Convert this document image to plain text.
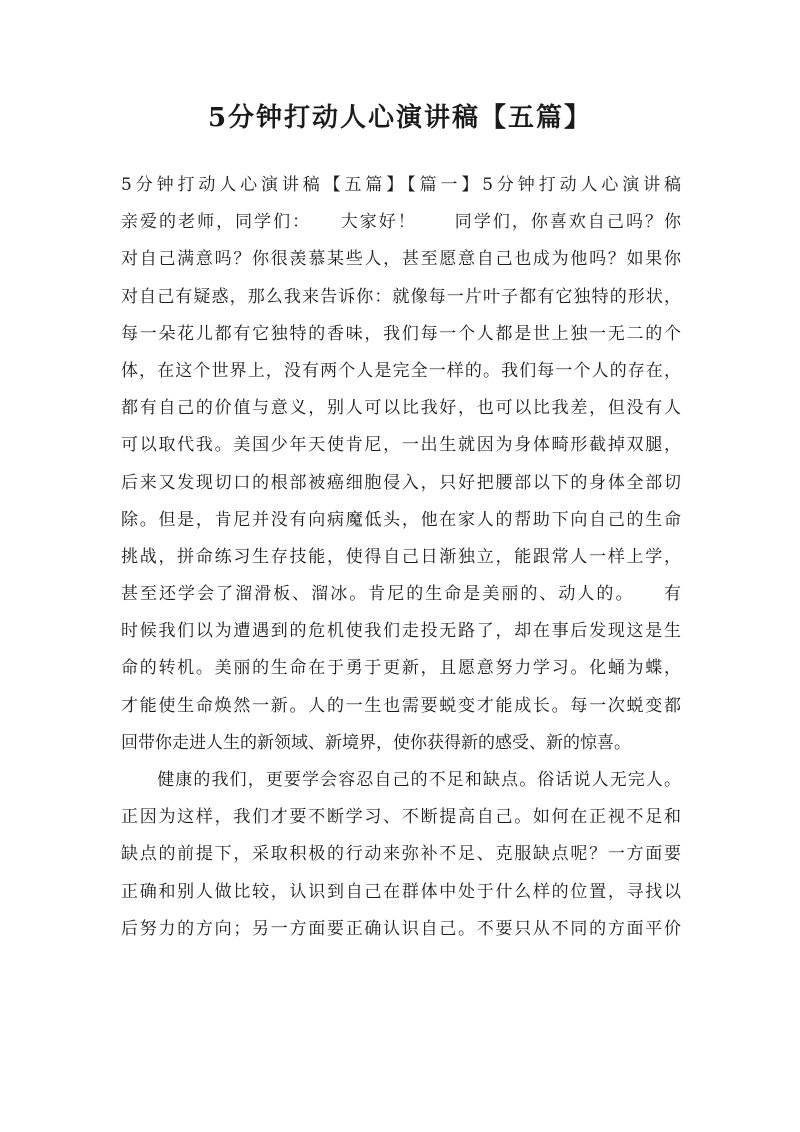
5分钟打动人心演讲稿【五篇】
5分钟打动人心演讲稿【五篇】【篇一】5分钟打动人心演讲稿
亲爱的老师，同学们：　　大家好！　　同学们，你喜欢自己吗？你
对自己满意吗？你很羡慕某些人，甚至愿意自己也成为他吗？如果你
对自己有疑惑，那么我来告诉你：就像每一片叶子都有它独特的形状，
每一朵花儿都有它独特的香味，我们每一个人都是世上独一无二的个
体，在这个世界上，没有两个人是完全一样的。我们每一个人的存在，
都有自己的价值与意义，别人可以比我好，也可以比我差，但没有人
可以取代我。美国少年天使肯尼，一出生就因为身体畸形截掉双腿，
后来又发现切口的根部被癌细胞侵入，只好把腰部以下的身体全部切
除。但是，肯尼并没有向病魔低头，他在家人的帮助下向自己的生命
挑战，拼命练习生存技能，使得自己日渐独立，能跟常人一样上学，
甚至还学会了溜滑板、溜冰。肯尼的生命是美丽的、动人的。　　有
时候我们以为遭遇到的危机使我们走投无路了，却在事后发现这是生
命的转机。美丽的生命在于勇于更新，且愿意努力学习。化蛹为蝶，
才能使生命焕然一新。人的一生也需要蜕变才能成长。每一次蜕变都
回带你走进人生的新领域、新境界，使你获得新的感受、新的惊喜。
　　健康的我们，更要学会容忍自己的不足和缺点。俗话说人无完人。
正因为这样，我们才要不断学习、不断提高自己。如何在正视不足和
缺点的前提下，采取积极的行动来弥补不足、克服缺点呢？一方面要
正确和别人做比较，认识到自己在群体中处于什么样的位置，寻找以
后努力的方向；另一方面要正确认识自己。不要只从不同的方面平价
